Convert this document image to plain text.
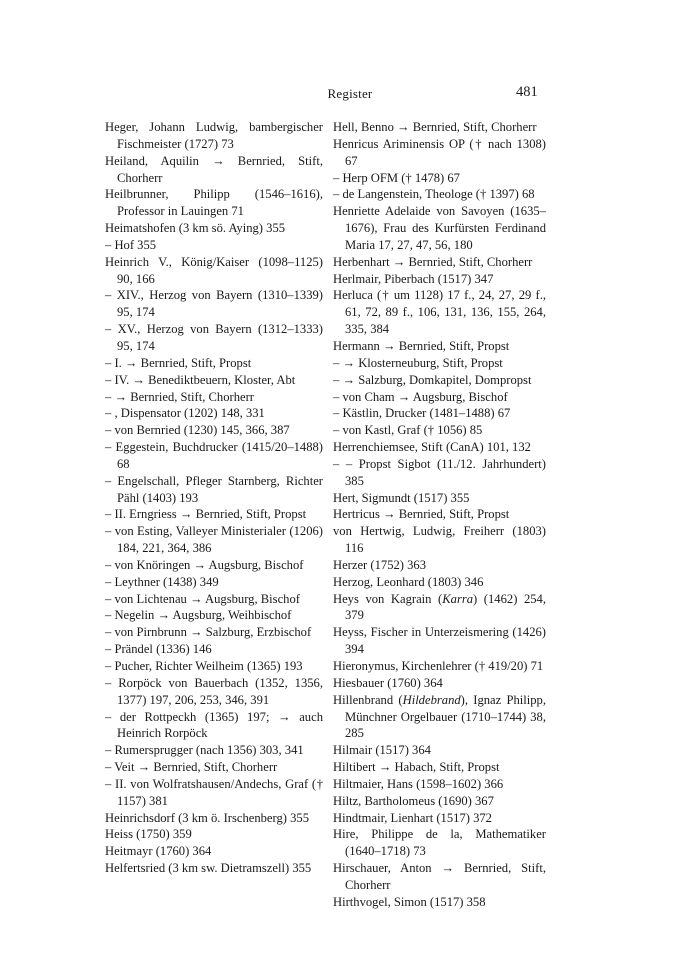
Register	481

Heger, Johann Ludwig, bambergischer Fischmeister (1727) 73

Heiland, Aquilin → Bernried, Stift, Chorherr

Heilbrunner, Philipp (1546–1616), Professor in Lauingen 71

Heimatshofen (3 km sö. Aying) 355

– Hof 355

Heinrich V., König/Kaiser (1098–1125) 90, 166

– XIV., Herzog von Bayern (1310–1339) 95, 174

– XV., Herzog von Bayern (1312–1333) 95, 174

– I. → Bernried, Stift, Propst

– IV. → Benediktbeuern, Kloster, Abt

– → Bernried, Stift, Chorherr

– , Dispensator (1202) 148, 331

– von Bernried (1230) 145, 366, 387

– Eggestein, Buchdrucker (1415/20–1488) 68

– Engelschall, Pfleger Starnberg, Richter Pähl (1403) 193

– II. Erngriess → Bernried, Stift, Propst

– von Esting, Valleyer Ministerialer (1206) 184, 221, 364, 386

– von Knöringen → Augsburg, Bischof

– Leythner (1438) 349

– von Lichtenau → Augsburg, Bischof

– Negelin → Augsburg, Weihbischof

– von Pirnbrunn → Salzburg, Erzbischof

– Prändel (1336) 146

– Pucher, Richter Weilheim (1365) 193

– Rorpöck von Bauerbach (1352, 1356, 1377) 197, 206, 253, 346, 391

– der Rottpeckh (1365) 197; → auch Heinrich Rorpöck

– Rumersprugger (nach 1356) 303, 341

– Veit → Bernried, Stift, Chorherr

– II. von Wolfratshausen/Andechs, Graf († 1157) 381

Heinrichsdorf (3 km ö. Irschenberg) 355

Heiss (1750) 359

Heitmayr (1760) 364

Helfertsried (3 km sw. Dietramszell) 355

Hell, Benno → Bernried, Stift, Chorherr

Henricus Ariminensis OP († nach 1308) 67

– Herp OFM († 1478) 67

– de Langenstein, Theologe († 1397) 68

Henriette Adelaide von Savoyen (1635–1676), Frau des Kurfürsten Ferdinand Maria 17, 27, 47, 56, 180

Herbenhart → Bernried, Stift, Chorherr

Herlmair, Piberbach (1517) 347

Herluca († um 1128) 17 f., 24, 27, 29 f., 61, 72, 89 f., 106, 131, 136, 155, 264, 335, 384

Hermann → Bernried, Stift, Propst

– → Klosterneuburg, Stift, Propst

– → Salzburg, Domkapitel, Dompropst

– von Cham → Augsburg, Bischof

– Kästlin, Drucker (1481–1488) 67

– von Kastl, Graf († 1056) 85

Herrenchiemsee, Stift (CanA) 101, 132

– – Propst Sigbot (11./12. Jahrhundert) 385

Hert, Sigmundt (1517) 355

Hertricus → Bernried, Stift, Propst

von Hertwig, Ludwig, Freiherr (1803) 116

Herzer (1752) 363

Herzog, Leonhard (1803) 346

Heys von Kagrain (Karra) (1462) 254, 379

Heyss, Fischer in Unterzeismering (1426) 394

Hieronymus, Kirchenlehrer († 419/20) 71

Hiesbauer (1760) 364

Hillenbrand (Hildebrand), Ignaz Philipp, Münchner Orgelbauer (1710–1744) 38, 285

Hilmair (1517) 364

Hiltibert → Habach, Stift, Propst

Hiltmaier, Hans (1598–1602) 366

Hiltz, Bartholomeus (1690) 367

Hindtmair, Lienhart (1517) 372

Hire, Philippe de la, Mathematiker (1640–1718) 73

Hirschauer, Anton → Bernried, Stift, Chorherr

Hirthvogel, Simon (1517) 358
